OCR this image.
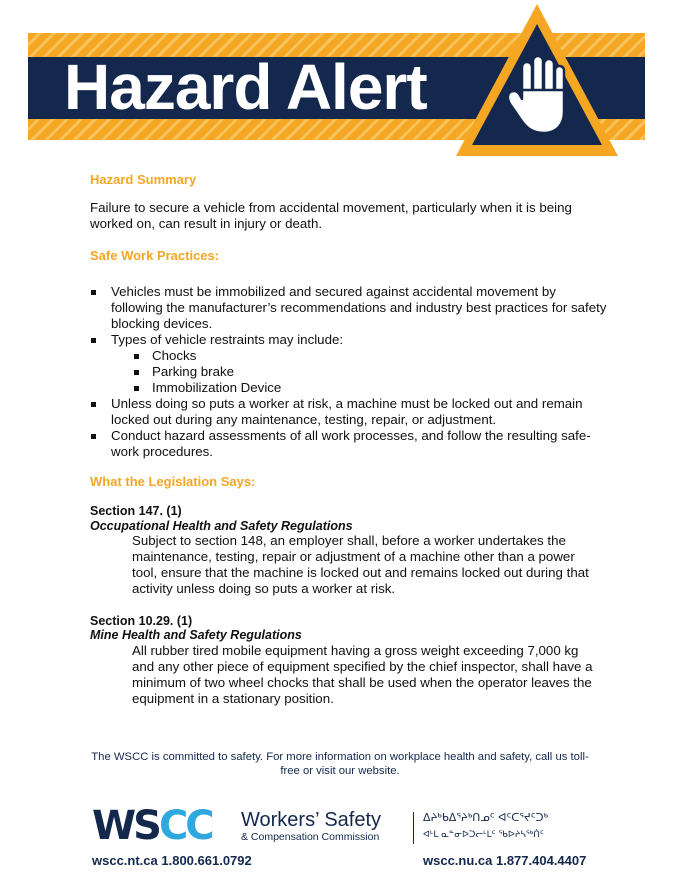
Hazard Alert

Hazard Summary

Failure to secure a vehicle from accidental movement, particularly when it is being worked on, can result in injury or death.

Safe Work Practices:

Vehicles must be immobilized and secured against accidental movement by following the manufacturer’s recommendations and industry best practices for safety blocking devices.
Types of vehicle restraints may include:
Chocks
Parking brake
Immobilization Device
Unless doing so puts a worker at risk, a machine must be locked out and remain locked out during any maintenance, testing, repair, or adjustment.
Conduct hazard assessments of all work processes, and follow the resulting safe-work procedures.

What the Legislation Says:

Section 147. (1)

Occupational Health and Safety Regulations

Subject to section 148, an employer shall, before a worker undertakes the maintenance, testing, repair or adjustment of a machine other than a power tool, ensure that the machine is locked out and remains locked out during that activity unless doing so puts a worker at risk.

Section 10.29. (1)

Mine Health and Safety Regulations

All rubber tired mobile equipment having a gross weight exceeding 7,000 kg and any other piece of equipment specified by the chief inspector, shall have a minimum of two wheel chocks that shall be used when the operator leaves the equipment in a stationary position.

The WSCC is committed to safety. For more information on workplace health and safety, call us toll-free or visit our website.

WSCC Workers’ Safety
& Compensation Commission
ᐃᔨᒃᑲᐃᕐᔨᒃᑎᓄᑦ ᐊᑦᑕᕐᔪᑦᑐᒃ
ᐊᒻᒪ ᓇᓐᓂᐅᑐᓕᒻᒪᑦ ᖃᐅᔨᓴᖅᑏᑦ
wscc.nt.ca 1.800.661.0792	wscc.nu.ca 1.877.404.4407
